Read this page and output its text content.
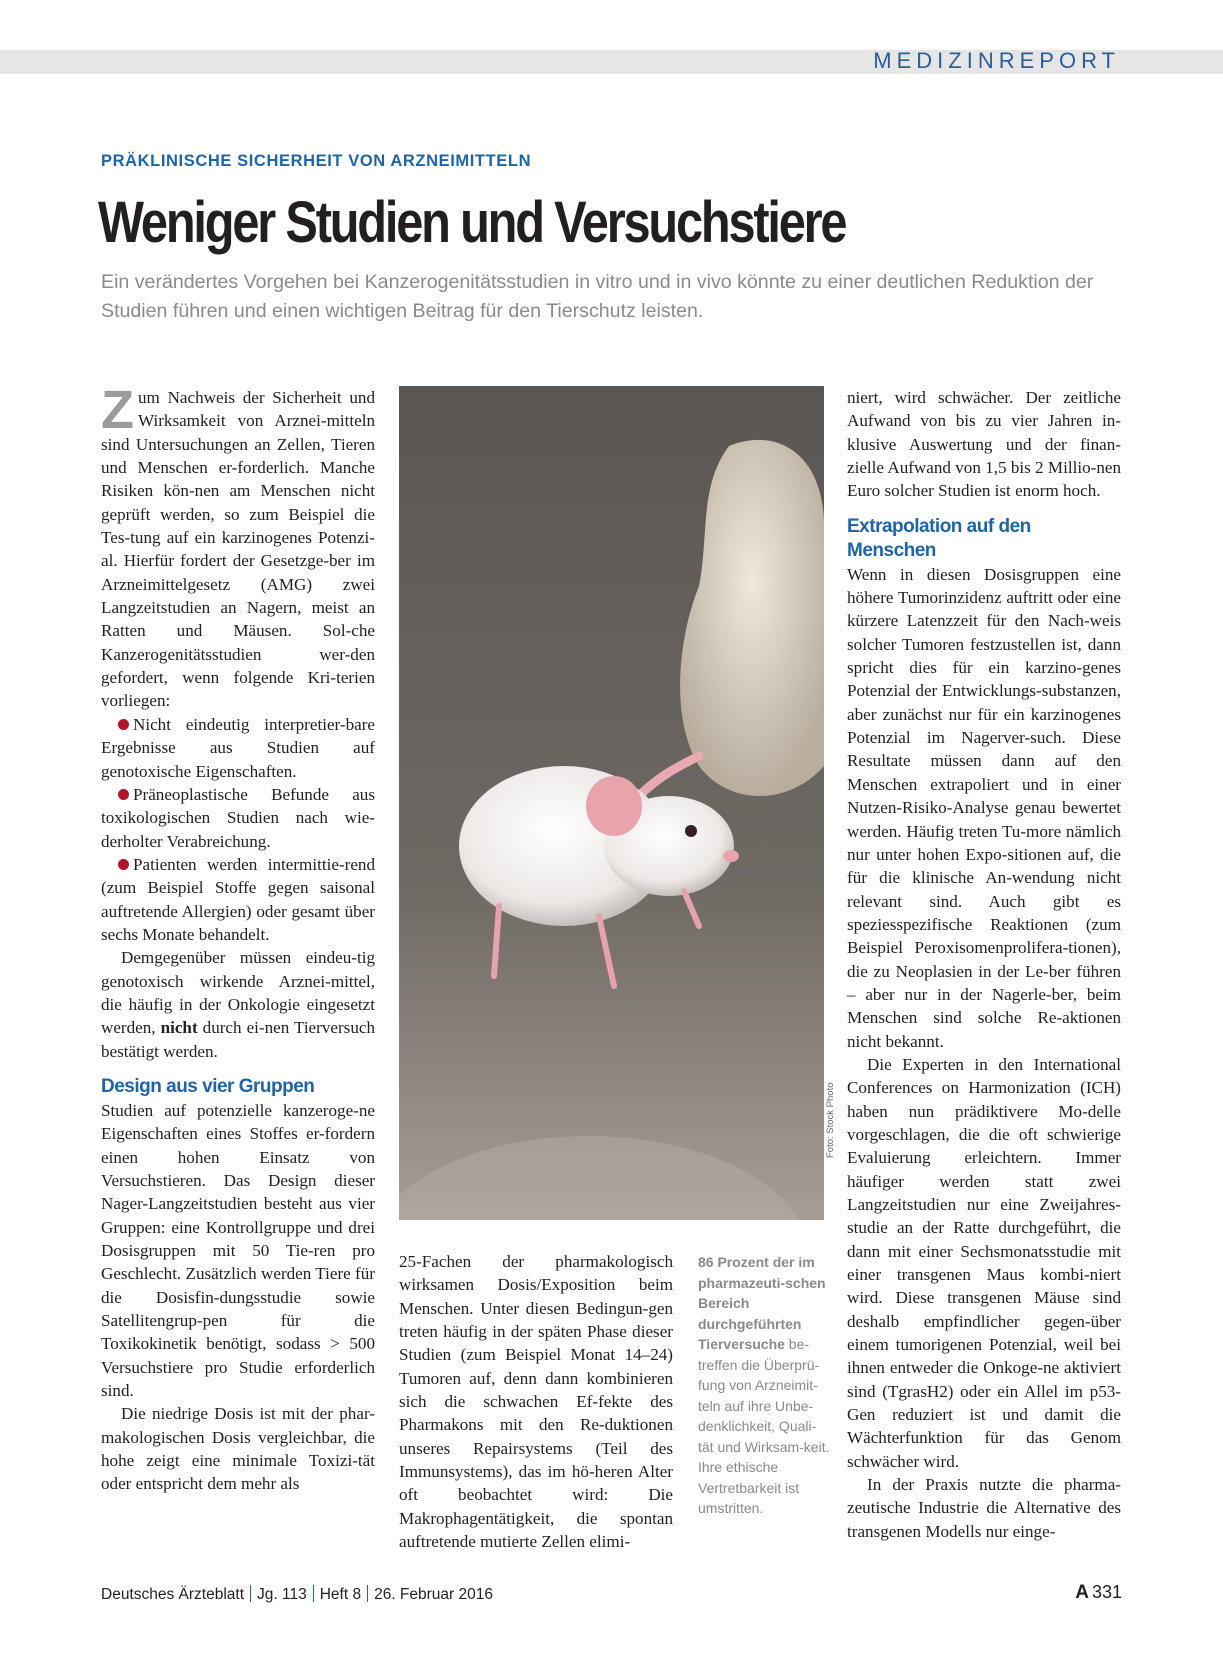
MEDIZINREPORT
PRÄKLINISCHE SICHERHEIT VON ARZNEIMITTELN
Weniger Studien und Versuchstiere

Ein verändertes Vorgehen bei Kanzerogenitätsstudien in vitro und in vivo könnte zu einer deutlichen Reduktion der Studien führen und einen wichtigen Beitrag für den Tierschutz leisten.

Zum Nachweis der Sicherheit und Wirksamkeit von Arznei-mitteln sind Untersuchungen an Zellen, Tieren und Menschen er-forderlich. Manche Risiken kön-nen am Menschen nicht geprüft werden, so zum Beispiel die Tes-tung auf ein karzinogenes Potenzi-al. Hierfür fordert der Gesetzge-ber im Arzneimittelgesetz (AMG) zwei Langzeitstudien an Nagern, meist an Ratten und Mäusen. Sol-che Kanzerogenitätsstudien wer-den gefordert, wenn folgende Kri-terien vorliegen:

Nicht eindeutig interpretier-bare Ergebnisse aus Studien auf genotoxische Eigenschaften.

Präneoplastische Befunde aus toxikologischen Studien nach wie-derholter Verabreichung.

Patienten werden intermittie-rend (zum Beispiel Stoffe gegen saisonal auftretende Allergien) oder gesamt über sechs Monate behandelt.

Demgegenüber müssen eindeu-tig genotoxisch wirkende Arznei-mittel, die häufig in der Onkologie eingesetzt werden, nicht durch ei-nen Tierversuch bestätigt werden.

Design aus vier Gruppen

Studien auf potenzielle kanzeroge-ne Eigenschaften eines Stoffes er-fordern einen hohen Einsatz von Versuchstieren. Das Design dieser Nager-Langzeitstudien besteht aus vier Gruppen: eine Kontrollgruppe und drei Dosisgruppen mit 50 Tie-ren pro Geschlecht. Zusätzlich werden Tiere für die Dosisfin-dungsstudie sowie Satellitengrup-pen für die Toxikokinetik benötigt, sodass > 500 Versuchstiere pro Studie erforderlich sind.

Die niedrige Dosis ist mit der phar-makologischen Dosis vergleichbar, die hohe zeigt eine minimale Toxizi-tät oder entspricht dem mehr als

Foto: Stock Photo

25-Fachen der pharmakologisch wirksamen Dosis/Exposition beim Menschen. Unter diesen Bedingun-gen treten häufig in der späten Phase dieser Studien (zum Beispiel Monat 14–24) Tumoren auf, denn dann kombinieren sich die schwachen Ef-fekte des Pharmakons mit den Re-duktionen unseres Repairsystems (Teil des Immunsystems), das im hö-heren Alter oft beobachtet wird: Die Makrophagentätigkeit, die spontan auftretende mutierte Zellen elimi-

86 Prozent der im pharmazeuti-schen Bereich durchgeführten Tierversuche be-treffen die Überprü-fung von Arzneimit-teln auf ihre Unbe-denklichkeit, Quali-tät und Wirksam-keit. Ihre ethische Vertretbarkeit ist umstritten.

niert, wird schwächer. Der zeitliche Aufwand von bis zu vier Jahren in-klusive Auswertung und der finan-zielle Aufwand von 1,5 bis 2 Millio-nen Euro solcher Studien ist enorm hoch.

Extrapolation auf den Menschen

Wenn in diesen Dosisgruppen eine höhere Tumorinzidenz auftritt oder eine kürzere Latenzzeit für den Nach-weis solcher Tumoren festzustellen ist, dann spricht dies für ein karzino-genes Potenzial der Entwicklungs-substanzen, aber zunächst nur für ein karzinogenes Potenzial im Nagerver-such. Diese Resultate müssen dann auf den Menschen extrapoliert und in einer Nutzen-Risiko-Analyse genau bewertet werden. Häufig treten Tu-more nämlich nur unter hohen Expo-sitionen auf, die für die klinische An-wendung nicht relevant sind. Auch gibt es speziesspezifische Reaktionen (zum Beispiel Peroxisomenprolifera-tionen), die zu Neoplasien in der Le-ber führen – aber nur in der Nagerle-ber, beim Menschen sind solche Re-aktionen nicht bekannt.

Die Experten in den International Conferences on Harmonization (ICH) haben nun prädiktivere Mo-delle vorgeschlagen, die die oft schwierige Evaluierung erleichtern. Immer häufiger werden statt zwei Langzeitstudien nur eine Zweijahres-studie an der Ratte durchgeführt, die dann mit einer Sechsmonatsstudie mit einer transgenen Maus kombi-niert wird. Diese transgenen Mäuse sind deshalb empfindlicher gegen-über einem tumorigenen Potenzial, weil bei ihnen entweder die Onkoge-ne aktiviert sind (TgrasH2) oder ein Allel im p53-Gen reduziert ist und damit die Wächterfunktion für das Genom schwächer wird.

In der Praxis nutzte die pharma-zeutische Industrie die Alternative des transgenen Modells nur einge-

Deutsches Ärzteblatt Jg. 113 Heft 8 26. Februar 2016	A 331
